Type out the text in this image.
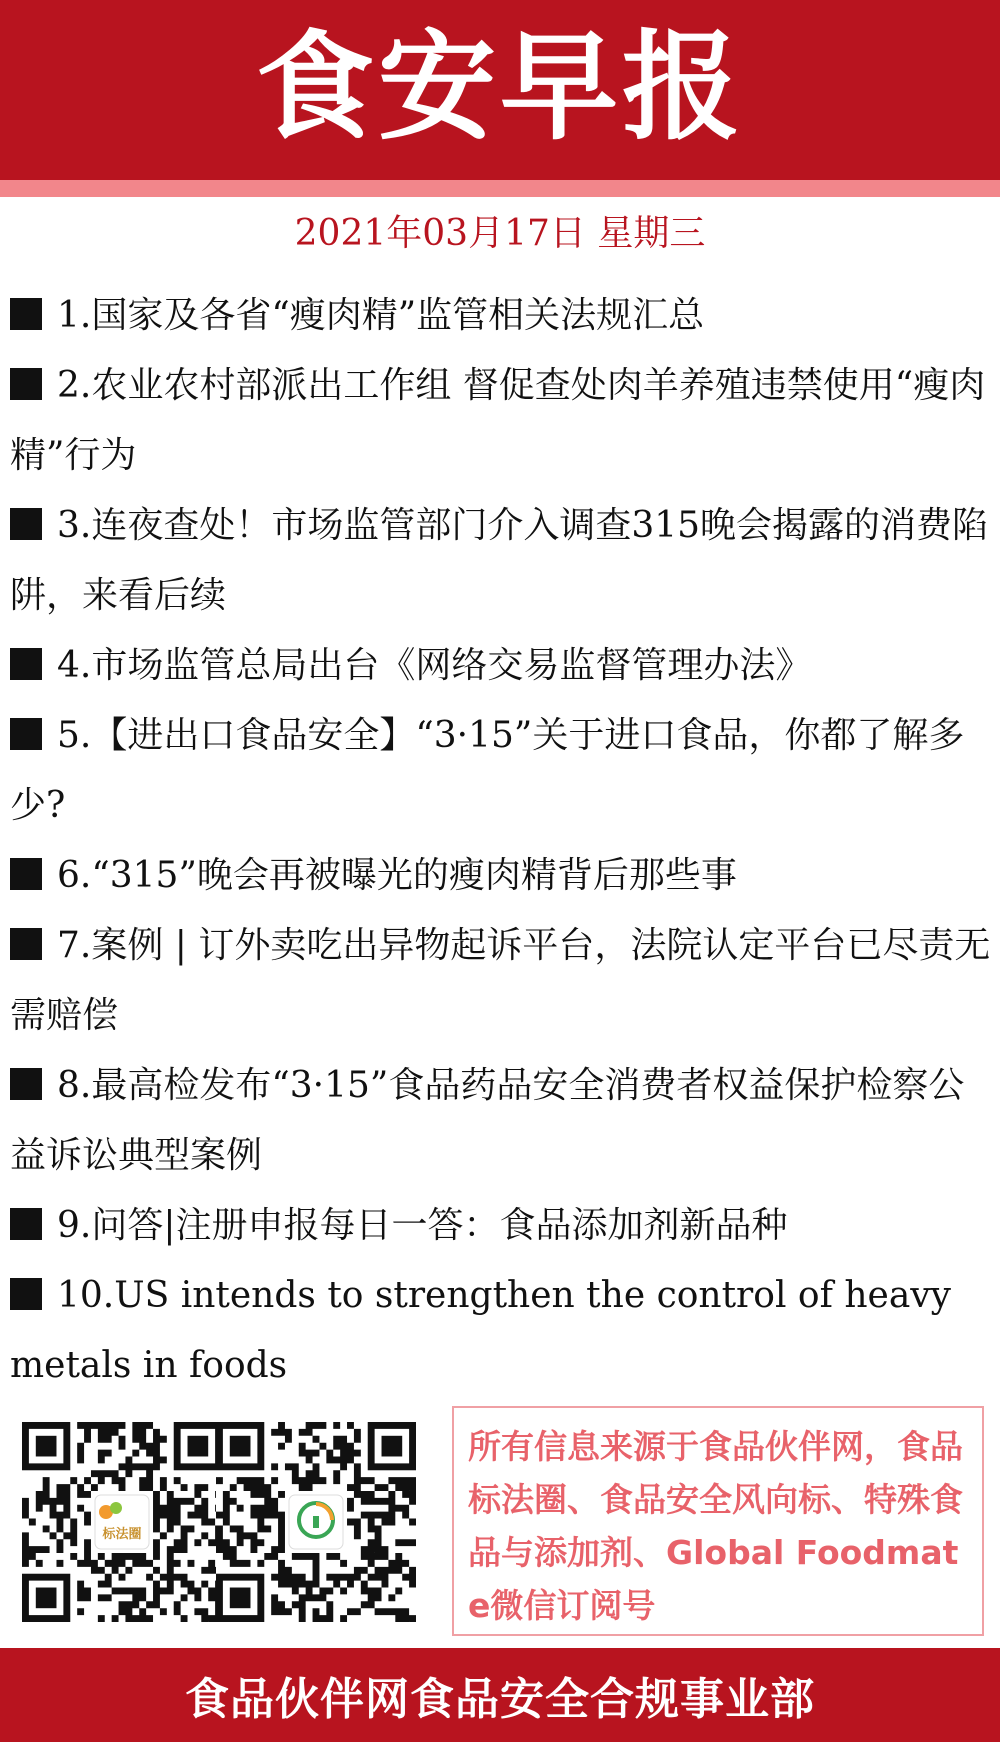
食安早报
2021年03月17日 星期三
1.国家及各省“瘦肉精”监管相关法规汇总
2.农业农村部派出工作组 督促查处肉羊养殖违禁使用“瘦肉精”行为
3.连夜查处！市场监管部门介入调查315晚会揭露的消费陷阱，来看后续
4.市场监管总局出台《网络交易监督管理办法》
5.【进出口食品安全】“3·15”关于进口食品，你都了解多少?
6.“315”晚会再被曝光的瘦肉精背后那些事
7.案例 | 订外卖吃出异物起诉平台，法院认定平台已尽责无需赔偿
8.最高检发布“3·15”食品药品安全消费者权益保护检察公益诉讼典型案例
9.问答|注册申报每日一答：食品添加剂新品种
10.US intends to strengthen the control of heavy metals in foods
标法圈

所有信息来源于食品伙伴网，食品标法圈、食品安全风向标、特殊食品与添加剂、Global Foodmate微信订阅号

食品伙伴网食品安全合规事业部
